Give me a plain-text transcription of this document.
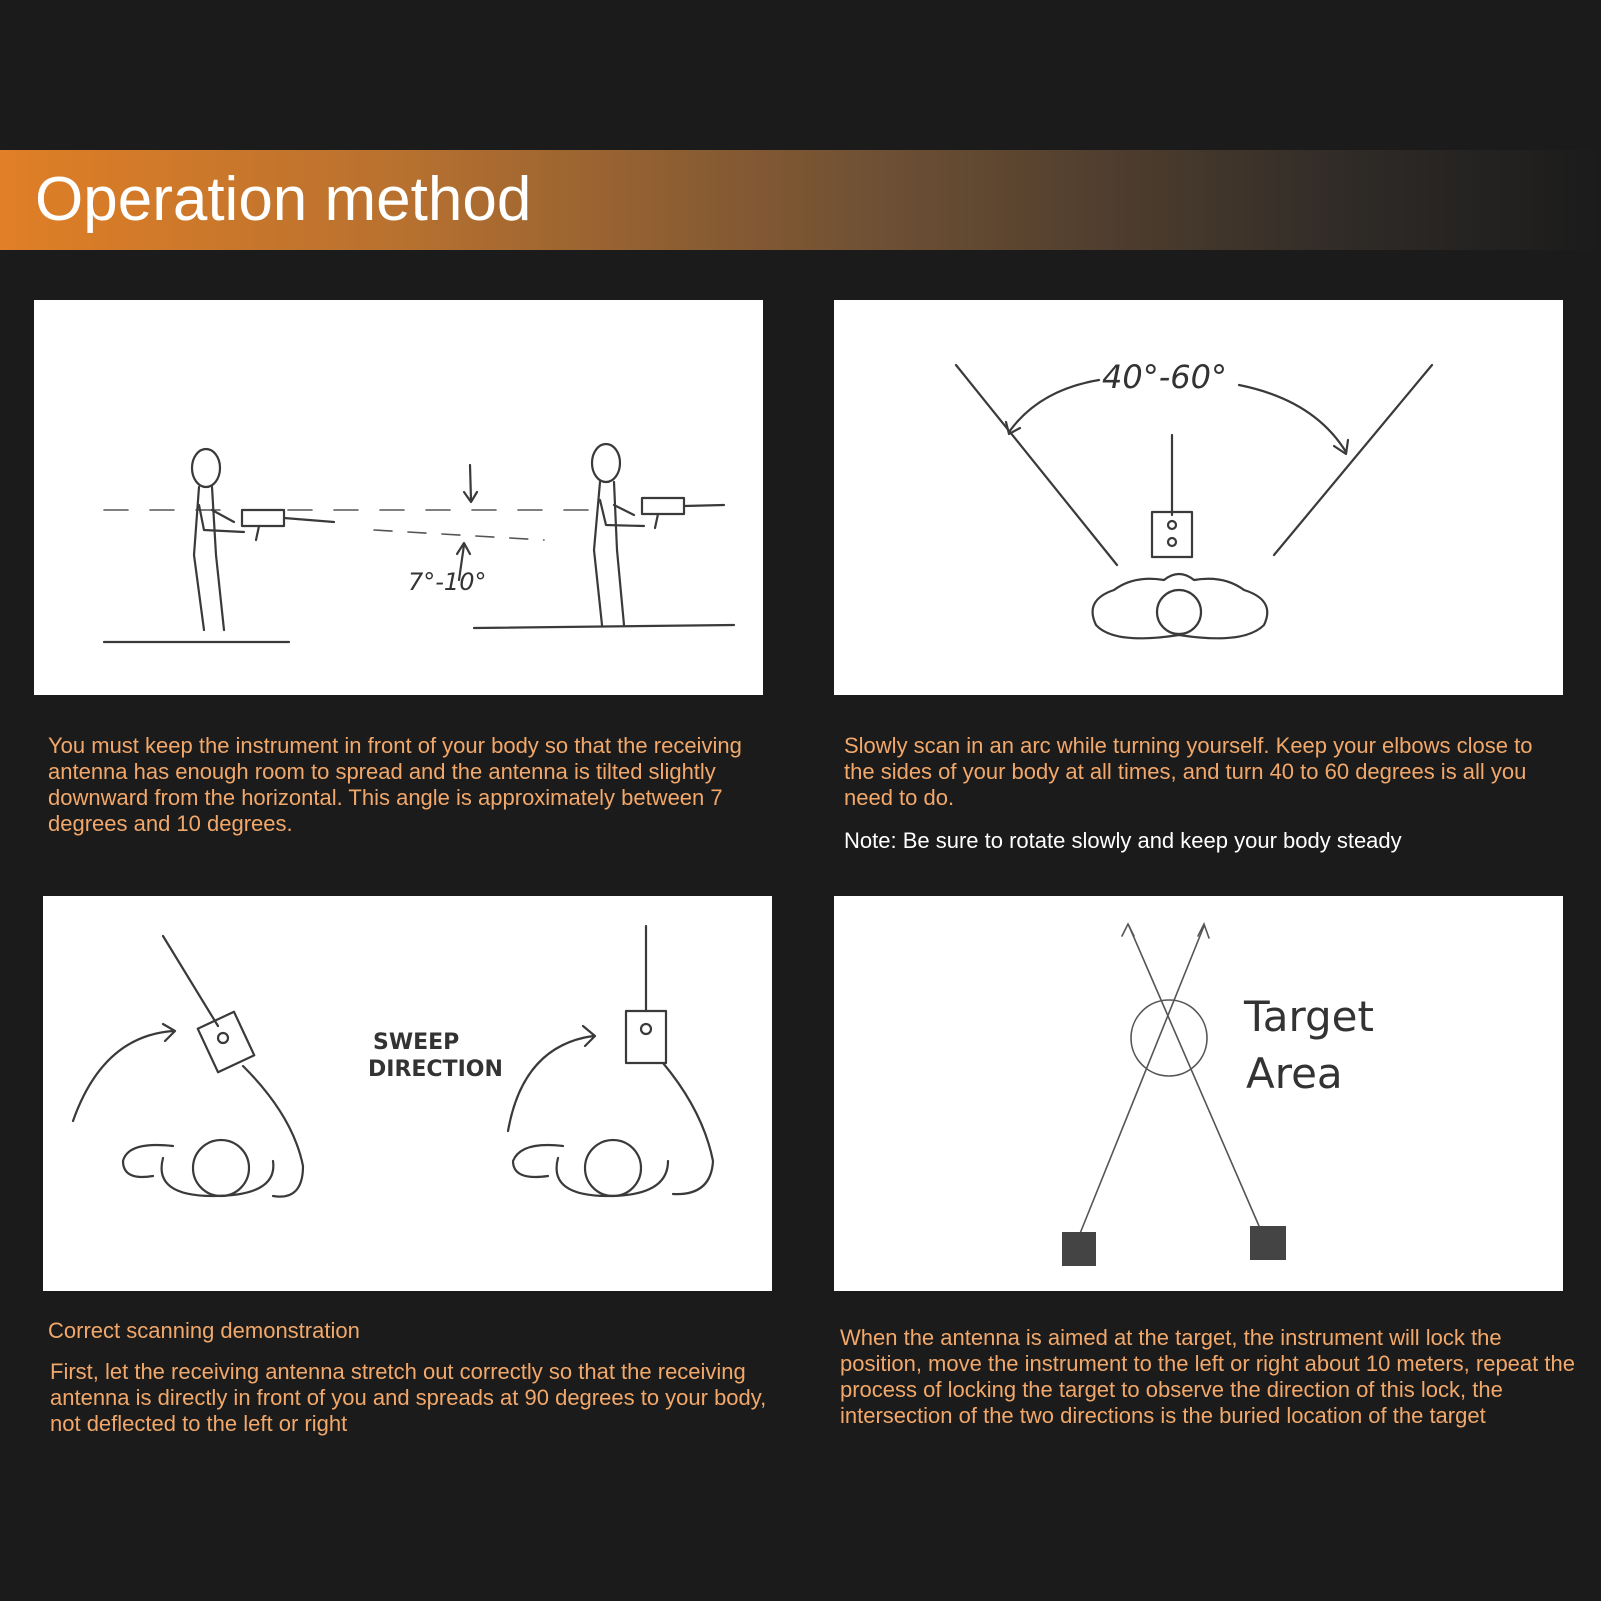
Operation method
7°-10°
40°-60°
SWEEP
DIRECTION
Target
Area
You must keep the instrument in front of your body so that the receiving antenna has enough room to spread and the antenna is tilted slightly downward from the horizontal. This angle is approximately between 7 degrees and 10 degrees.
Slowly scan in an arc while turning yourself. Keep your elbows close to the sides of your body at all times, and turn 40 to 60 degrees is all you need to do.
Note: Be sure to rotate slowly and keep your body steady
Correct scanning demonstration
First, let the receiving antenna stretch out correctly so that the receiving antenna is directly in front of you and spreads at 90 degrees to your body, not deflected to the left or right
When the antenna is aimed at the target, the instrument will lock the position, move the instrument to the left or right about 10 meters, repeat the process of locking the target to observe the direction of this lock, the intersection of the two directions is the buried location of the target
